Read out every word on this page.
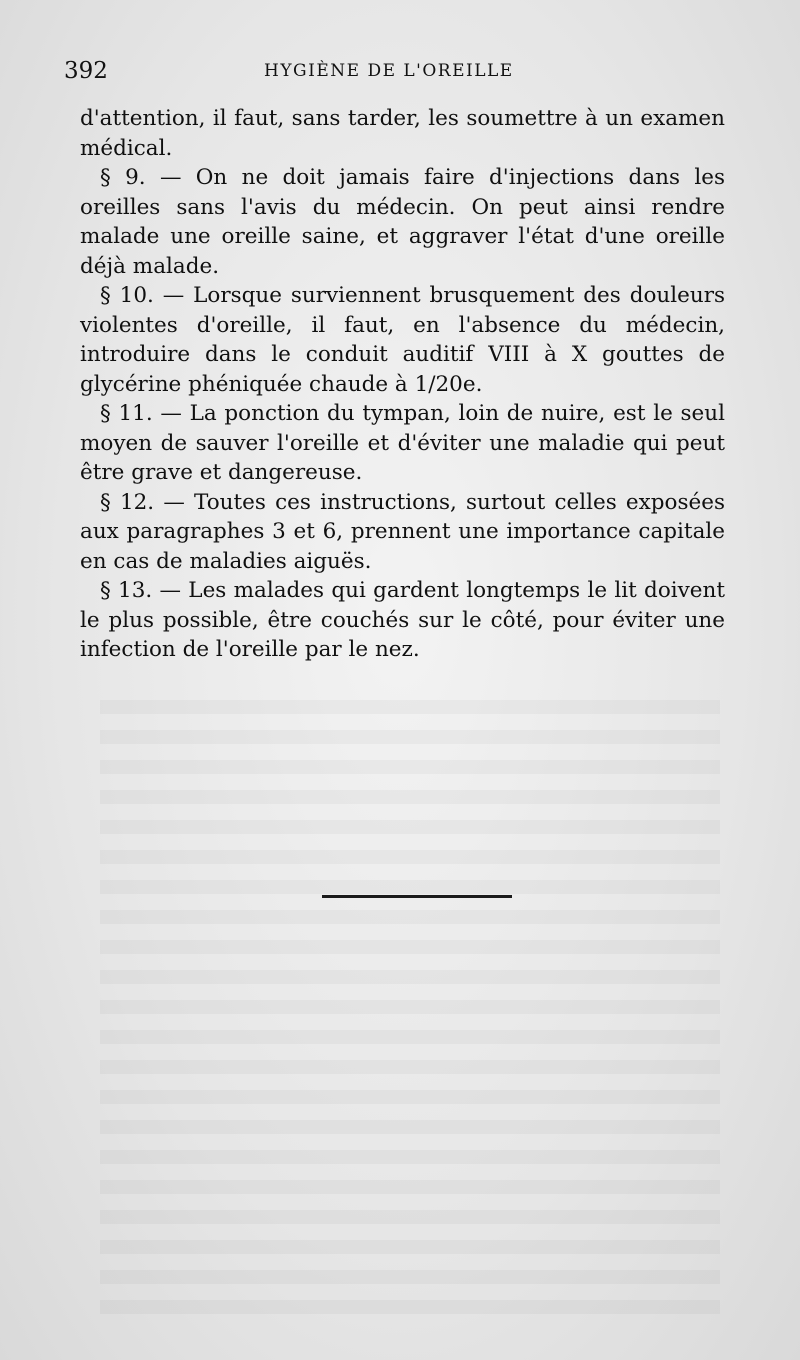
392	HYGIÈNE DE L'OREILLE

d'attention, il faut, sans tarder, les soumettre à un examen médical.

§ 9. — On ne doit jamais faire d'injections dans les oreilles sans l'avis du médecin. On peut ainsi rendre malade une oreille saine, et aggraver l'état d'une oreille déjà malade.

§ 10. — Lorsque surviennent brusquement des douleurs violentes d'oreille, il faut, en l'absence du médecin, introduire dans le conduit auditif VIII à X gouttes de glycérine phéniquée chaude à 1/20e.

§ 11. — La ponction du tympan, loin de nuire, est le seul moyen de sauver l'oreille et d'éviter une maladie qui peut être grave et dangereuse.

§ 12. — Toutes ces instructions, surtout celles exposées aux paragraphes 3 et 6, prennent une importance capitale en cas de maladies aiguës.

§ 13. — Les malades qui gardent longtemps le lit doivent le plus possible, être couchés sur le côté, pour éviter une infection de l'oreille par le nez.
